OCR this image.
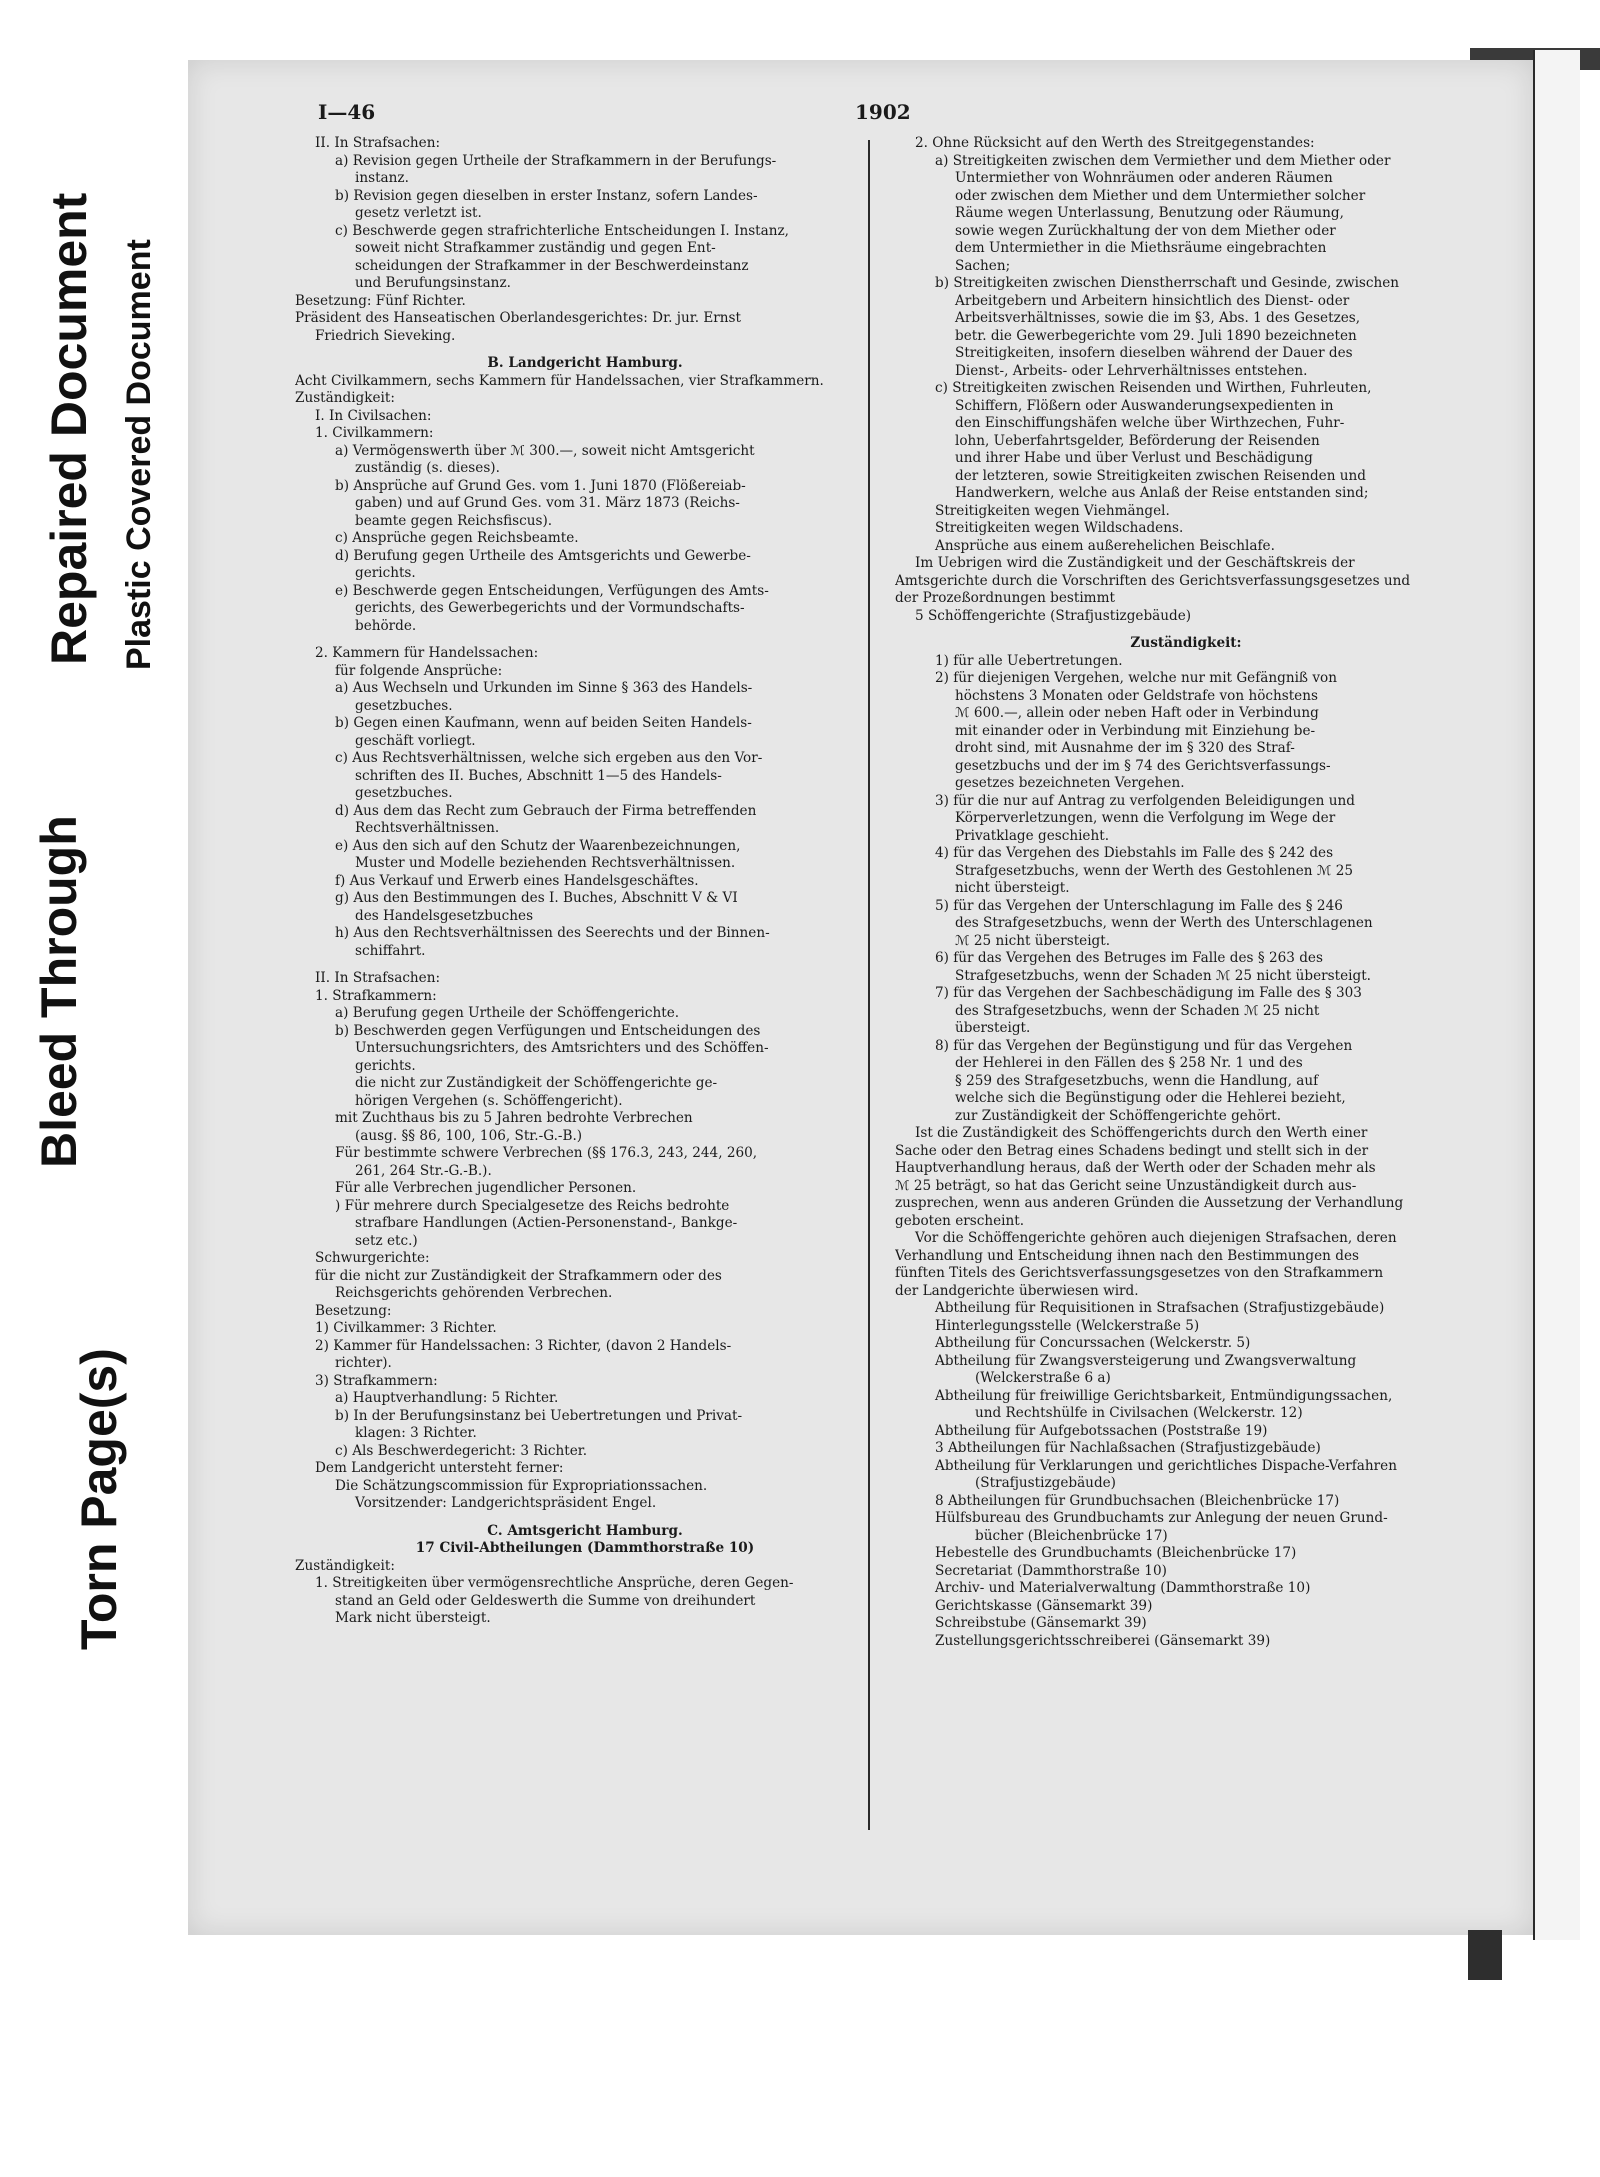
Bleed Through
Repaired Document
Torn Page(s)
Plastic Covered Document
I—46	1902

II. In Strafsachen:

a) Revision gegen Urtheile der Strafkammern in der Berufungs-

instanz.

b) Revision gegen dieselben in erster Instanz, sofern Landes-

gesetz verletzt ist.

c) Beschwerde gegen strafrichterliche Entscheidungen I. Instanz,

soweit nicht Strafkammer zuständig und gegen Ent-

scheidungen der Strafkammer in der Beschwerdeinstanz

und Berufungsinstanz.

Besetzung: Fünf Richter.

Präsident des Hanseatischen Oberlandesgerichtes: Dr. jur. Ernst

Friedrich Sieveking.

B. Landgericht Hamburg.

Acht Civilkammern, sechs Kammern für Handelssachen, vier Strafkammern.

Zuständigkeit:

I. In Civilsachen:

1. Civilkammern:

a) Vermögenswerth über ℳ 300.—, soweit nicht Amtsgericht

zuständig (s. dieses).

b) Ansprüche auf Grund Ges. vom 1. Juni 1870 (Flößereiab-

gaben) und auf Grund Ges. vom 31. März 1873 (Reichs-

beamte gegen Reichsfiscus).

c) Ansprüche gegen Reichsbeamte.

d) Berufung gegen Urtheile des Amtsgerichts und Gewerbe-

gerichts.

e) Beschwerde gegen Entscheidungen, Verfügungen des Amts-

gerichts, des Gewerbegerichts und der Vormundschafts-

behörde.

2. Kammern für Handelssachen:

für folgende Ansprüche:

a) Aus Wechseln und Urkunden im Sinne § 363 des Handels-

gesetzbuches.

b) Gegen einen Kaufmann, wenn auf beiden Seiten Handels-

geschäft vorliegt.

c) Aus Rechtsverhältnissen, welche sich ergeben aus den Vor-

schriften des II. Buches, Abschnitt 1—5 des Handels-

gesetzbuches.

d) Aus dem das Recht zum Gebrauch der Firma betreffenden

Rechtsverhältnissen.

e) Aus den sich auf den Schutz der Waarenbezeichnungen,

Muster und Modelle beziehenden Rechtsverhältnissen.

f) Aus Verkauf und Erwerb eines Handelsgeschäftes.

g) Aus den Bestimmungen des I. Buches, Abschnitt V & VI

des Handelsgesetzbuches

h) Aus den Rechtsverhältnissen des Seerechts und der Binnen-

schiffahrt.

II. In Strafsachen:

1. Strafkammern:

a) Berufung gegen Urtheile der Schöffengerichte.

b) Beschwerden gegen Verfügungen und Entscheidungen des

Untersuchungsrichters, des Amtsrichters und des Schöffen-

gerichts.

die nicht zur Zuständigkeit der Schöffengerichte ge-

hörigen Vergehen (s. Schöffengericht).

mit Zuchthaus bis zu 5 Jahren bedrohte Verbrechen

(ausg. §§ 86, 100, 106, Str.-G.-B.)

Für bestimmte schwere Verbrechen (§§ 176.3, 243, 244, 260,

261, 264 Str.-G.-B.).

Für alle Verbrechen jugendlicher Personen.

) Für mehrere durch Specialgesetze des Reichs bedrohte

strafbare Handlungen (Actien-Personenstand-, Bankge-

setz etc.)

Schwurgerichte:

für die nicht zur Zuständigkeit der Strafkammern oder des

Reichsgerichts gehörenden Verbrechen.

Besetzung:

1) Civilkammer: 3 Richter.

2) Kammer für Handelssachen: 3 Richter, (davon 2 Handels-

richter).

3) Strafkammern:

a) Hauptverhandlung: 5 Richter.

b) In der Berufungsinstanz bei Uebertretungen und Privat-

klagen: 3 Richter.

c) Als Beschwerdegericht: 3 Richter.

Dem Landgericht untersteht ferner:

Die Schätzungscommission für Expropriationssachen.

Vorsitzender: Landgerichtspräsident Engel.

C. Amtsgericht Hamburg.

17 Civil-Abtheilungen (Dammthorstraße 10)

Zuständigkeit:

1. Streitigkeiten über vermögensrechtliche Ansprüche, deren Gegen-

stand an Geld oder Geldeswerth die Summe von dreihundert

Mark nicht übersteigt.

2. Ohne Rücksicht auf den Werth des Streitgegenstandes:

a) Streitigkeiten zwischen dem Vermiether und dem Miether oder

Untermiether von Wohnräumen oder anderen Räumen

oder zwischen dem Miether und dem Untermiether solcher

Räume wegen Unterlassung, Benutzung oder Räumung,

sowie wegen Zurückhaltung der von dem Miether oder

dem Untermiether in die Miethsräume eingebrachten

Sachen;

b) Streitigkeiten zwischen Dienstherrschaft und Gesinde, zwischen

Arbeitgebern und Arbeitern hinsichtlich des Dienst- oder

Arbeitsverhältnisses, sowie die im §3, Abs. 1 des Gesetzes,

betr. die Gewerbegerichte vom 29. Juli 1890 bezeichneten

Streitigkeiten, insofern dieselben während der Dauer des

Dienst-, Arbeits- oder Lehrverhältnisses entstehen.

c) Streitigkeiten zwischen Reisenden und Wirthen, Fuhrleuten,

Schiffern, Flößern oder Auswanderungsexpedienten in

den Einschiffungshäfen welche über Wirthzechen, Fuhr-

lohn, Ueberfahrtsgelder, Beförderung der Reisenden

und ihrer Habe und über Verlust und Beschädigung

der letzteren, sowie Streitigkeiten zwischen Reisenden und

Handwerkern, welche aus Anlaß der Reise entstanden sind;

Streitigkeiten wegen Viehmängel.

Streitigkeiten wegen Wildschadens.

Ansprüche aus einem außerehelichen Beischlafe.

Im Uebrigen wird die Zuständigkeit und der Geschäftskreis der

Amtsgerichte durch die Vorschriften des Gerichtsverfassungsgesetzes und

der Prozeßordnungen bestimmt

5 Schöffengerichte (Strafjustizgebäude)

Zuständigkeit:

1) für alle Uebertretungen.

2) für diejenigen Vergehen, welche nur mit Gefängniß von

höchstens 3 Monaten oder Geldstrafe von höchstens

ℳ 600.—, allein oder neben Haft oder in Verbindung

mit einander oder in Verbindung mit Einziehung be-

droht sind, mit Ausnahme der im § 320 des Straf-

gesetzbuchs und der im § 74 des Gerichtsverfassungs-

gesetzes bezeichneten Vergehen.

3) für die nur auf Antrag zu verfolgenden Beleidigungen und

Körperverletzungen, wenn die Verfolgung im Wege der

Privatklage geschieht.

4) für das Vergehen des Diebstahls im Falle des § 242 des

Strafgesetzbuchs, wenn der Werth des Gestohlenen ℳ 25

nicht übersteigt.

5) für das Vergehen der Unterschlagung im Falle des § 246

des Strafgesetzbuchs, wenn der Werth des Unterschlagenen

ℳ 25 nicht übersteigt.

6) für das Vergehen des Betruges im Falle des § 263 des

Strafgesetzbuchs, wenn der Schaden ℳ 25 nicht übersteigt.

7) für das Vergehen der Sachbeschädigung im Falle des § 303

des Strafgesetzbuchs, wenn der Schaden ℳ 25 nicht

übersteigt.

8) für das Vergehen der Begünstigung und für das Vergehen

der Hehlerei in den Fällen des § 258 Nr. 1 und des

§ 259 des Strafgesetzbuchs, wenn die Handlung, auf

welche sich die Begünstigung oder die Hehlerei bezieht,

zur Zuständigkeit der Schöffengerichte gehört.

Ist die Zuständigkeit des Schöffengerichts durch den Werth einer

Sache oder den Betrag eines Schadens bedingt und stellt sich in der

Hauptverhandlung heraus, daß der Werth oder der Schaden mehr als

ℳ 25 beträgt, so hat das Gericht seine Unzuständigkeit durch aus-

zusprechen, wenn aus anderen Gründen die Aussetzung der Verhandlung

geboten erscheint.

Vor die Schöffengerichte gehören auch diejenigen Strafsachen, deren

Verhandlung und Entscheidung ihnen nach den Bestimmungen des

fünften Titels des Gerichtsverfassungsgesetzes von den Strafkammern

der Landgerichte überwiesen wird.

Abtheilung für Requisitionen in Strafsachen (Strafjustizgebäude)

Hinterlegungsstelle (Welckerstraße 5)

Abtheilung für Concurssachen (Welckerstr. 5)

Abtheilung für Zwangsversteigerung und Zwangsverwaltung

(Welckerstraße 6 a)

Abtheilung für freiwillige Gerichtsbarkeit, Entmündigungssachen,

und Rechtshülfe in Civilsachen (Welckerstr. 12)

Abtheilung für Aufgebotssachen (Poststraße 19)

3 Abtheilungen für Nachlaßsachen (Strafjustizgebäude)

Abtheilung für Verklarungen und gerichtliches Dispache-Verfahren

(Strafjustizgebäude)

8 Abtheilungen für Grundbuchsachen (Bleichenbrücke 17)

Hülfsbureau des Grundbuchamts zur Anlegung der neuen Grund-

bücher (Bleichenbrücke 17)

Hebestelle des Grundbuchamts (Bleichenbrücke 17)

Secretariat (Dammthorstraße 10)

Archiv- und Materialverwaltung (Dammthorstraße 10)

Gerichtskasse (Gänsemarkt 39)

Schreibstube (Gänsemarkt 39)

Zustellungsgerichtsschreiberei (Gänsemarkt 39)
